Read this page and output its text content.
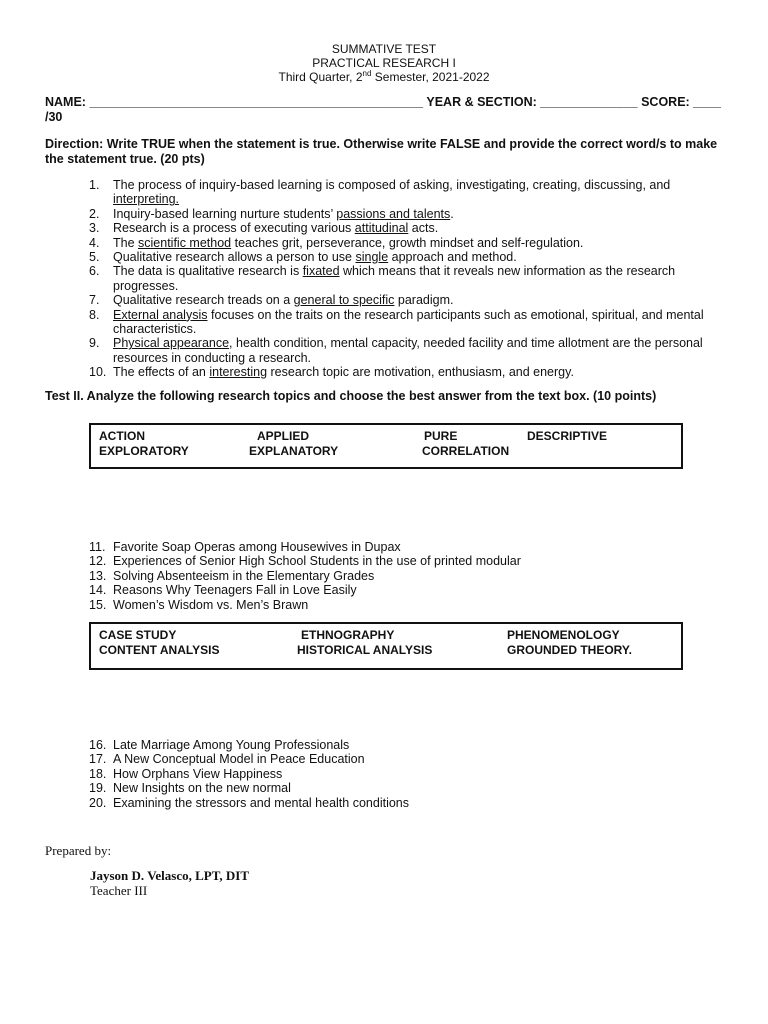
SUMMATIVE TEST
PRACTICAL RESEARCH I
Third Quarter, 2nd Semester, 2021-2022
NAME: ________________________________________________ YEAR & SECTION: ______________ SCORE: ____ /30
Direction: Write TRUE when the statement is true. Otherwise write FALSE and provide the correct word/s to make the statement true. (20 pts)
1.	The process of inquiry-based learning is composed of asking, investigating, creating, discussing, and interpreting.
2.	Inquiry-based learning nurture students’ passions and talents.
3.	Research is a process of executing various attitudinal acts.
4.	The scientific method teaches grit, perseverance, growth mindset and self-regulation.
5.	Qualitative research allows a person to use single approach and method.
6.	The data is qualitative research is fixated which means that it reveals new information as the research progresses.
7.	Qualitative research treads on a general to specific paradigm.
8.	External analysis focuses on the traits on the research participants such as emotional, spiritual, and mental characteristics.
9.	Physical appearance, health condition, mental capacity, needed facility and time allotment are the personal resources in conducting a research.
10. The effects of an interesting research topic are motivation, enthusiasm, and energy.
Test II. Analyze the following research topics and choose the best answer from the text box. (10 points)
ACTION	APPLIED	PURE	DESCRIPTIVE
EXPLORATORY	EXPLANATORY	CORRELATION
11. Favorite Soap Operas among Housewives in Dupax
12. Experiences of Senior High School Students in the use of printed modular
13. Solving Absenteeism in the Elementary Grades
14. Reasons Why Teenagers Fall in Love Easily
15. Women’s Wisdom vs. Men’s Brawn
CASE STUDY	ETHNOGRAPHY	PHENOMENOLOGY
CONTENT ANALYSIS	HISTORICAL ANALYSIS	GROUNDED THEORY.
16. Late Marriage Among Young Professionals
17. A New Conceptual Model in Peace Education
18. How Orphans View Happiness
19. New Insights on the new normal
20. Examining the stressors and mental health conditions
Prepared by:
Jayson D. Velasco, LPT, DIT
Teacher III
